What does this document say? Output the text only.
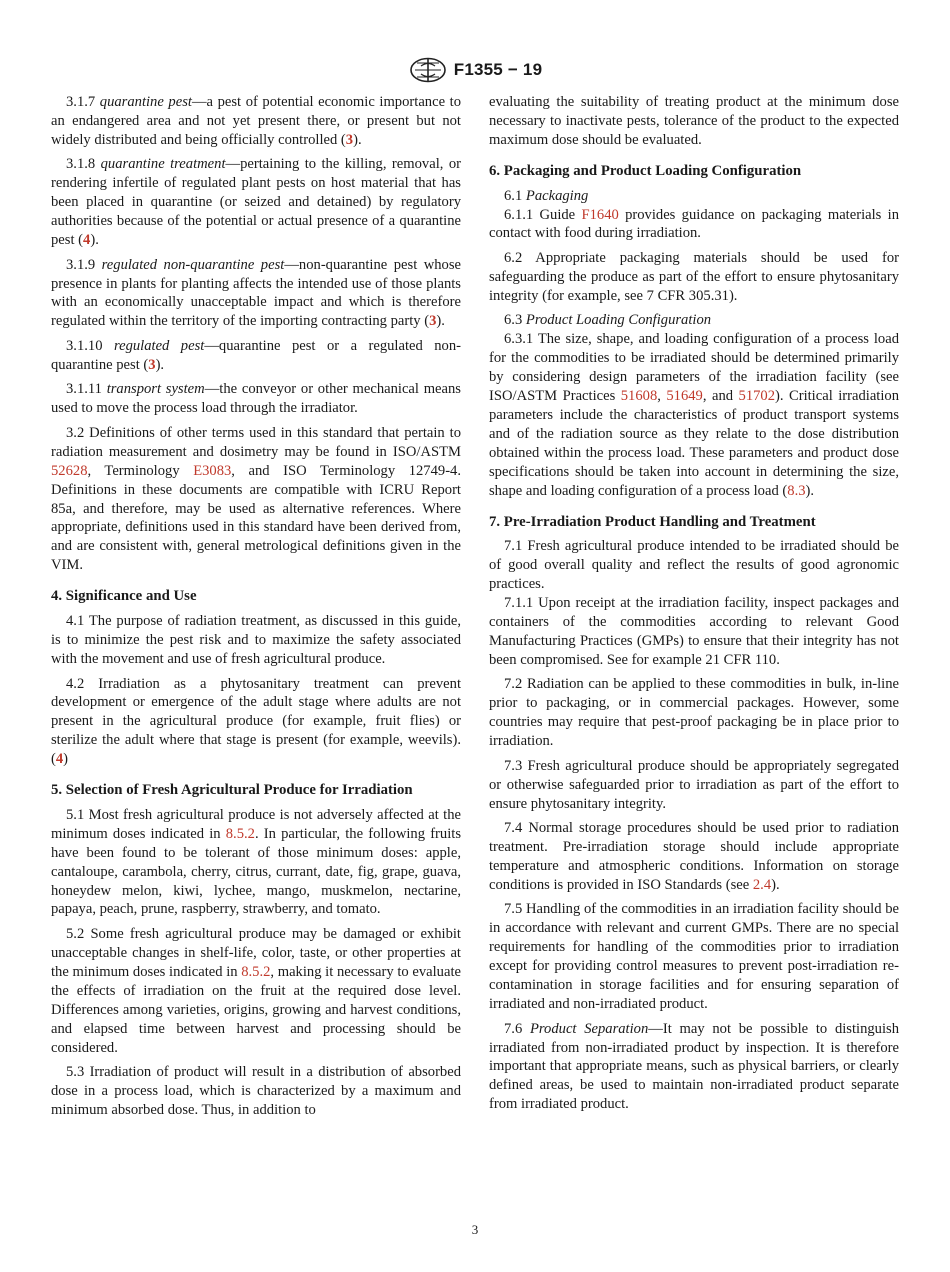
F1355 − 19

3.1.7 quarantine pest—a pest of potential economic importance to an endangered area and not yet present there, or present but not widely distributed and being officially controlled (3).

3.1.8 quarantine treatment—pertaining to the killing, removal, or rendering infertile of regulated plant pests on host material that has been placed in quarantine (or seized and detained) by regulatory authorities because of the potential or actual presence of a quarantine pest (4).

3.1.9 regulated non-quarantine pest—non-quarantine pest whose presence in plants for planting affects the intended use of those plants with an economically unacceptable impact and which is therefore regulated within the territory of the importing contracting party (3).

3.1.10 regulated pest—quarantine pest or a regulated non-quarantine pest (3).

3.1.11 transport system—the conveyor or other mechanical means used to move the process load through the irradiator.

3.2 Definitions of other terms used in this standard that pertain to radiation measurement and dosimetry may be found in ISO/ASTM 52628, Terminology E3083, and ISO Terminology 12749-4. Definitions in these documents are compatible with ICRU Report 85a, and therefore, may be used as alternative references. Where appropriate, definitions used in this standard have been derived from, and are consistent with, general metrological definitions given in the VIM.

4. Significance and Use

4.1 The purpose of radiation treatment, as discussed in this guide, is to minimize the pest risk and to maximize the safety associated with the movement and use of fresh agricultural produce.

4.2 Irradiation as a phytosanitary treatment can prevent development or emergence of the adult stage where adults are not present in the agricultural produce (for example, fruit flies) or sterilize the adult where that stage is present (for example, weevils). (4)

5. Selection of Fresh Agricultural Produce for Irradiation

5.1 Most fresh agricultural produce is not adversely affected at the minimum doses indicated in 8.5.2. In particular, the following fruits have been found to be tolerant of those minimum doses: apple, cantaloupe, carambola, cherry, citrus, currant, date, fig, grape, guava, honeydew melon, kiwi, lychee, mango, muskmelon, nectarine, papaya, peach, prune, raspberry, strawberry, and tomato.

5.2 Some fresh agricultural produce may be damaged or exhibit unacceptable changes in shelf-life, color, taste, or other properties at the minimum doses indicated in 8.5.2, making it necessary to evaluate the effects of irradiation on the fruit at the required dose level. Differences among varieties, origins, growing and harvest conditions, and elapsed time between harvest and processing should be considered.

5.3 Irradiation of product will result in a distribution of absorbed dose in a process load, which is characterized by a maximum and minimum absorbed dose. Thus, in addition to

evaluating the suitability of treating product at the minimum dose necessary to inactivate pests, tolerance of the product to the expected maximum dose should be evaluated.

6. Packaging and Product Loading Configuration

6.1 Packaging

6.1.1 Guide F1640 provides guidance on packaging materials in contact with food during irradiation.

6.2 Appropriate packaging materials should be used for safeguarding the produce as part of the effort to ensure phytosanitary integrity (for example, see 7 CFR 305.31).

6.3 Product Loading Configuration

6.3.1 The size, shape, and loading configuration of a process load for the commodities to be irradiated should be determined primarily by considering design parameters of the irradiation facility (see ISO/ASTM Practices 51608, 51649, and 51702). Critical irradiation parameters include the characteristics of product transport systems and of the radiation source as they relate to the dose distribution obtained within the process load. These parameters and product dose specifications should be taken into account in determining the size, shape and loading configuration of a process load (8.3).

7. Pre-Irradiation Product Handling and Treatment

7.1 Fresh agricultural produce intended to be irradiated should be of good overall quality and reflect the results of good agronomic practices.

7.1.1 Upon receipt at the irradiation facility, inspect packages and containers of the commodities according to relevant Good Manufacturing Practices (GMPs) to ensure that their integrity has not been compromised. See for example 21 CFR 110.

7.2 Radiation can be applied to these commodities in bulk, in-line prior to packaging, or in commercial packages. However, some countries may require that pest-proof packaging be in place prior to irradiation.

7.3 Fresh agricultural produce should be appropriately segregated or otherwise safeguarded prior to irradiation as part of the effort to ensure phytosanitary integrity.

7.4 Normal storage procedures should be used prior to radiation treatment. Pre-irradiation storage should include appropriate temperature and atmospheric conditions. Information on storage conditions is provided in ISO Standards (see 2.4).

7.5 Handling of the commodities in an irradiation facility should be in accordance with relevant and current GMPs. There are no special requirements for handling of the commodities prior to irradiation except for providing control measures to prevent post-irradiation re-contamination in storage facilities and for ensuring separation of irradiated and non-irradiated product.

7.6 Product Separation—It may not be possible to distinguish irradiated from non-irradiated product by inspection. It is therefore important that appropriate means, such as physical barriers, or clearly defined areas, be used to maintain non-irradiated product separate from irradiated product.

3
